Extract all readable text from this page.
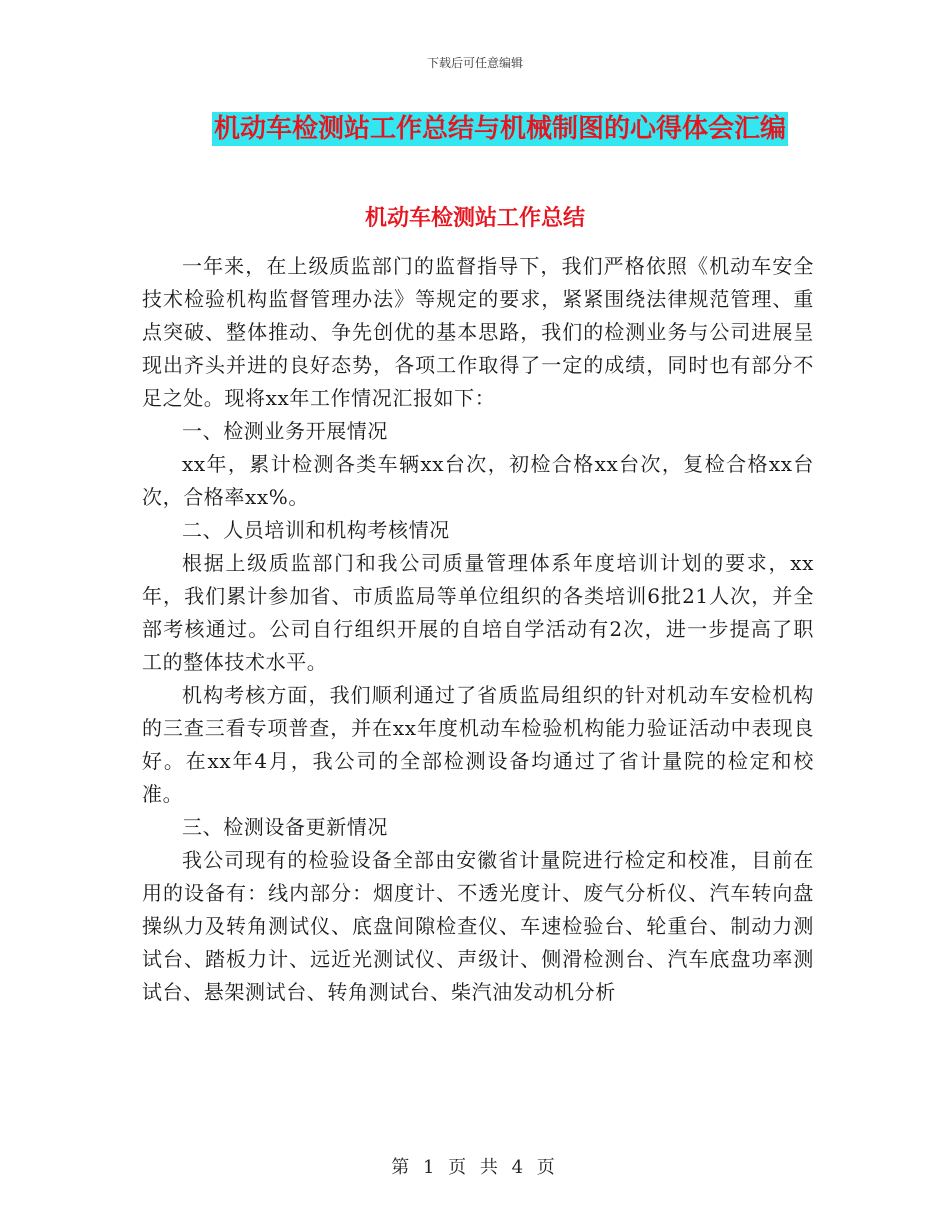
下载后可任意编辑
机动车检测站工作总结与机械制图的心得体会汇编
机动车检测站工作总结

一年来，在上级质监部门的监督指导下，我们严格依照《机动车安全技术检验机构监督管理办法》等规定的要求，紧紧围绕法律规范管理、重点突破、整体推动、争先创优的基本思路，我们的检测业务与公司进展呈现出齐头并进的良好态势，各项工作取得了一定的成绩，同时也有部分不足之处。现将xx年工作情况汇报如下：

一、检测业务开展情况

xx年，累计检测各类车辆xx台次，初检合格xx台次，复检合格xx台次，合格率xx%。

二、人员培训和机构考核情况

根据上级质监部门和我公司质量管理体系年度培训计划的要求，xx年，我们累计参加省、市质监局等单位组织的各类培训6批21人次，并全部考核通过。公司自行组织开展的自培自学活动有2次，进一步提高了职工的整体技术水平。

机构考核方面，我们顺利通过了省质监局组织的针对机动车安检机构的三查三看专项普查，并在xx年度机动车检验机构能力验证活动中表现良好。在xx年4月，我公司的全部检测设备均通过了省计量院的检定和校准。

三、检测设备更新情况

我公司现有的检验设备全部由安徽省计量院进行检定和校准，目前在用的设备有：线内部分：烟度计、不透光度计、废气分析仪、汽车转向盘操纵力及转角测试仪、底盘间隙检查仪、车速检验台、轮重台、制动力测试台、踏板力计、远近光测试仪、声级计、侧滑检测台、汽车底盘功率测试台、悬架测试台、转角测试台、柴汽油发动机分析

第 1 页 共 4 页
